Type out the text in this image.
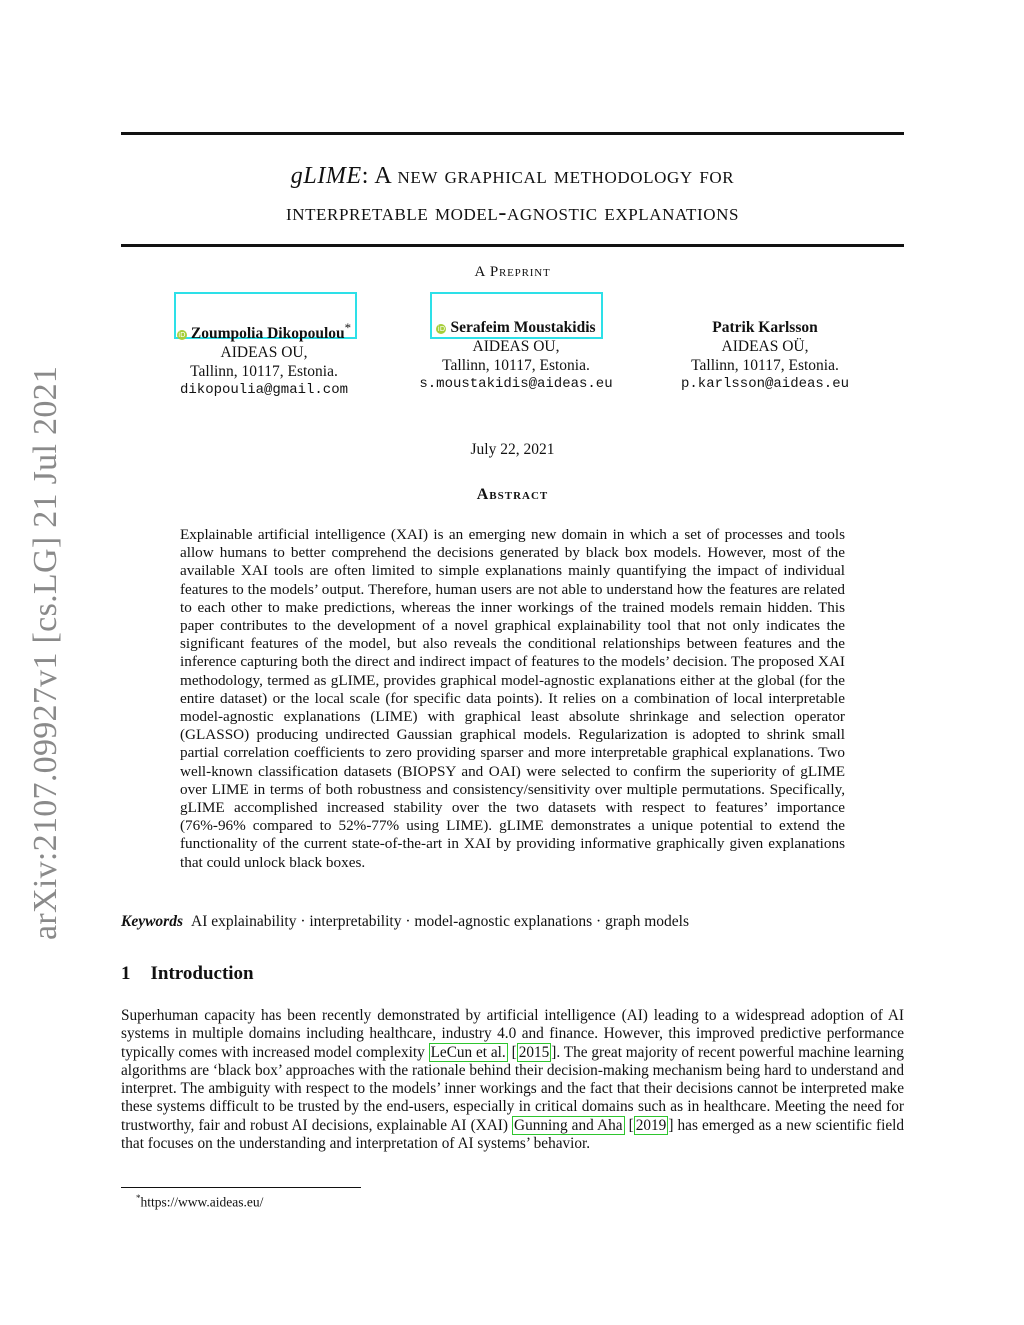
arXiv:2107.09927v1 [cs.LG] 21 Jul 2021
gLIME: A new graphical methodology for
interpretable model-agnostic explanations
A Preprint
iD Zoumpolia Dikopoulou*
AIDEAS OU,
Tallinn, 10117, Estonia.
dikopoulia@gmail.com
iD Serafeim Moustakidis
AIDEAS OU,
Tallinn, 10117, Estonia.
s.moustakidis@aideas.eu
Patrik Karlsson
AIDEAS OÜ,
Tallinn, 10117, Estonia.
p.karlsson@aideas.eu
July 22, 2021
Abstract
Explainable artificial intelligence (XAI) is an emerging new domain in which a set of processes and tools allow humans to better comprehend the decisions generated by black box models. However, most of the available XAI tools are often limited to simple explanations mainly quantifying the impact of individual features to the models’ output. Therefore, human users are not able to understand how the features are related to each other to make predictions, whereas the inner workings of the trained models remain hidden. This paper contributes to the development of a novel graphical explainability tool that not only indicates the significant features of the model, but also reveals the conditional relationships between features and the inference capturing both the direct and indirect impact of features to the models’ decision. The proposed XAI methodology, termed as gLIME, provides graphical model-agnostic explanations either at the global (for the entire dataset) or the local scale (for specific data points). It relies on a combination of local interpretable model-agnostic explanations (LIME) with graphical least absolute shrinkage and selection operator (GLASSO) producing undirected Gaussian graphical models. Regularization is adopted to shrink small partial correlation coefficients to zero providing sparser and more interpretable graphical explanations. Two well-known classification datasets (BIOPSY and OAI) were selected to confirm the superiority of gLIME over LIME in terms of both robustness and consistency/sensitivity over multiple permutations. Specifically, gLIME accomplished increased stability over the two datasets with respect to features’ importance (76%-96% compared to 52%-77% using LIME). gLIME demonstrates a unique potential to extend the functionality of the current state-of-the-art in XAI by providing informative graphically given explanations that could unlock black boxes.
Keywords AI explainability · interpretability · model-agnostic explanations · graph models
1 Introduction
Superhuman capacity has been recently demonstrated by artificial intelligence (AI) leading to a widespread adoption of AI systems in multiple domains including healthcare, industry 4.0 and finance. However, this improved predictive performance typically comes with increased model complexity LeCun et al. [ 2015 ]. The great majority of recent powerful machine learning algorithms are ‘black box’ approaches with the rationale behind their decision-making mechanism being hard to understand and interpret. The ambiguity with respect to the models’ inner workings and the fact that their decisions cannot be interpreted make these systems difficult to be trusted by the end-users, especially in critical domains such as in healthcare. Meeting the need for trustworthy, fair and robust AI decisions, explainable AI (XAI) Gunning and Aha [ 2019 ] has emerged as a new scientific field that focuses on the understanding and interpretation of AI systems’ behavior.
*https://www.aideas.eu/
